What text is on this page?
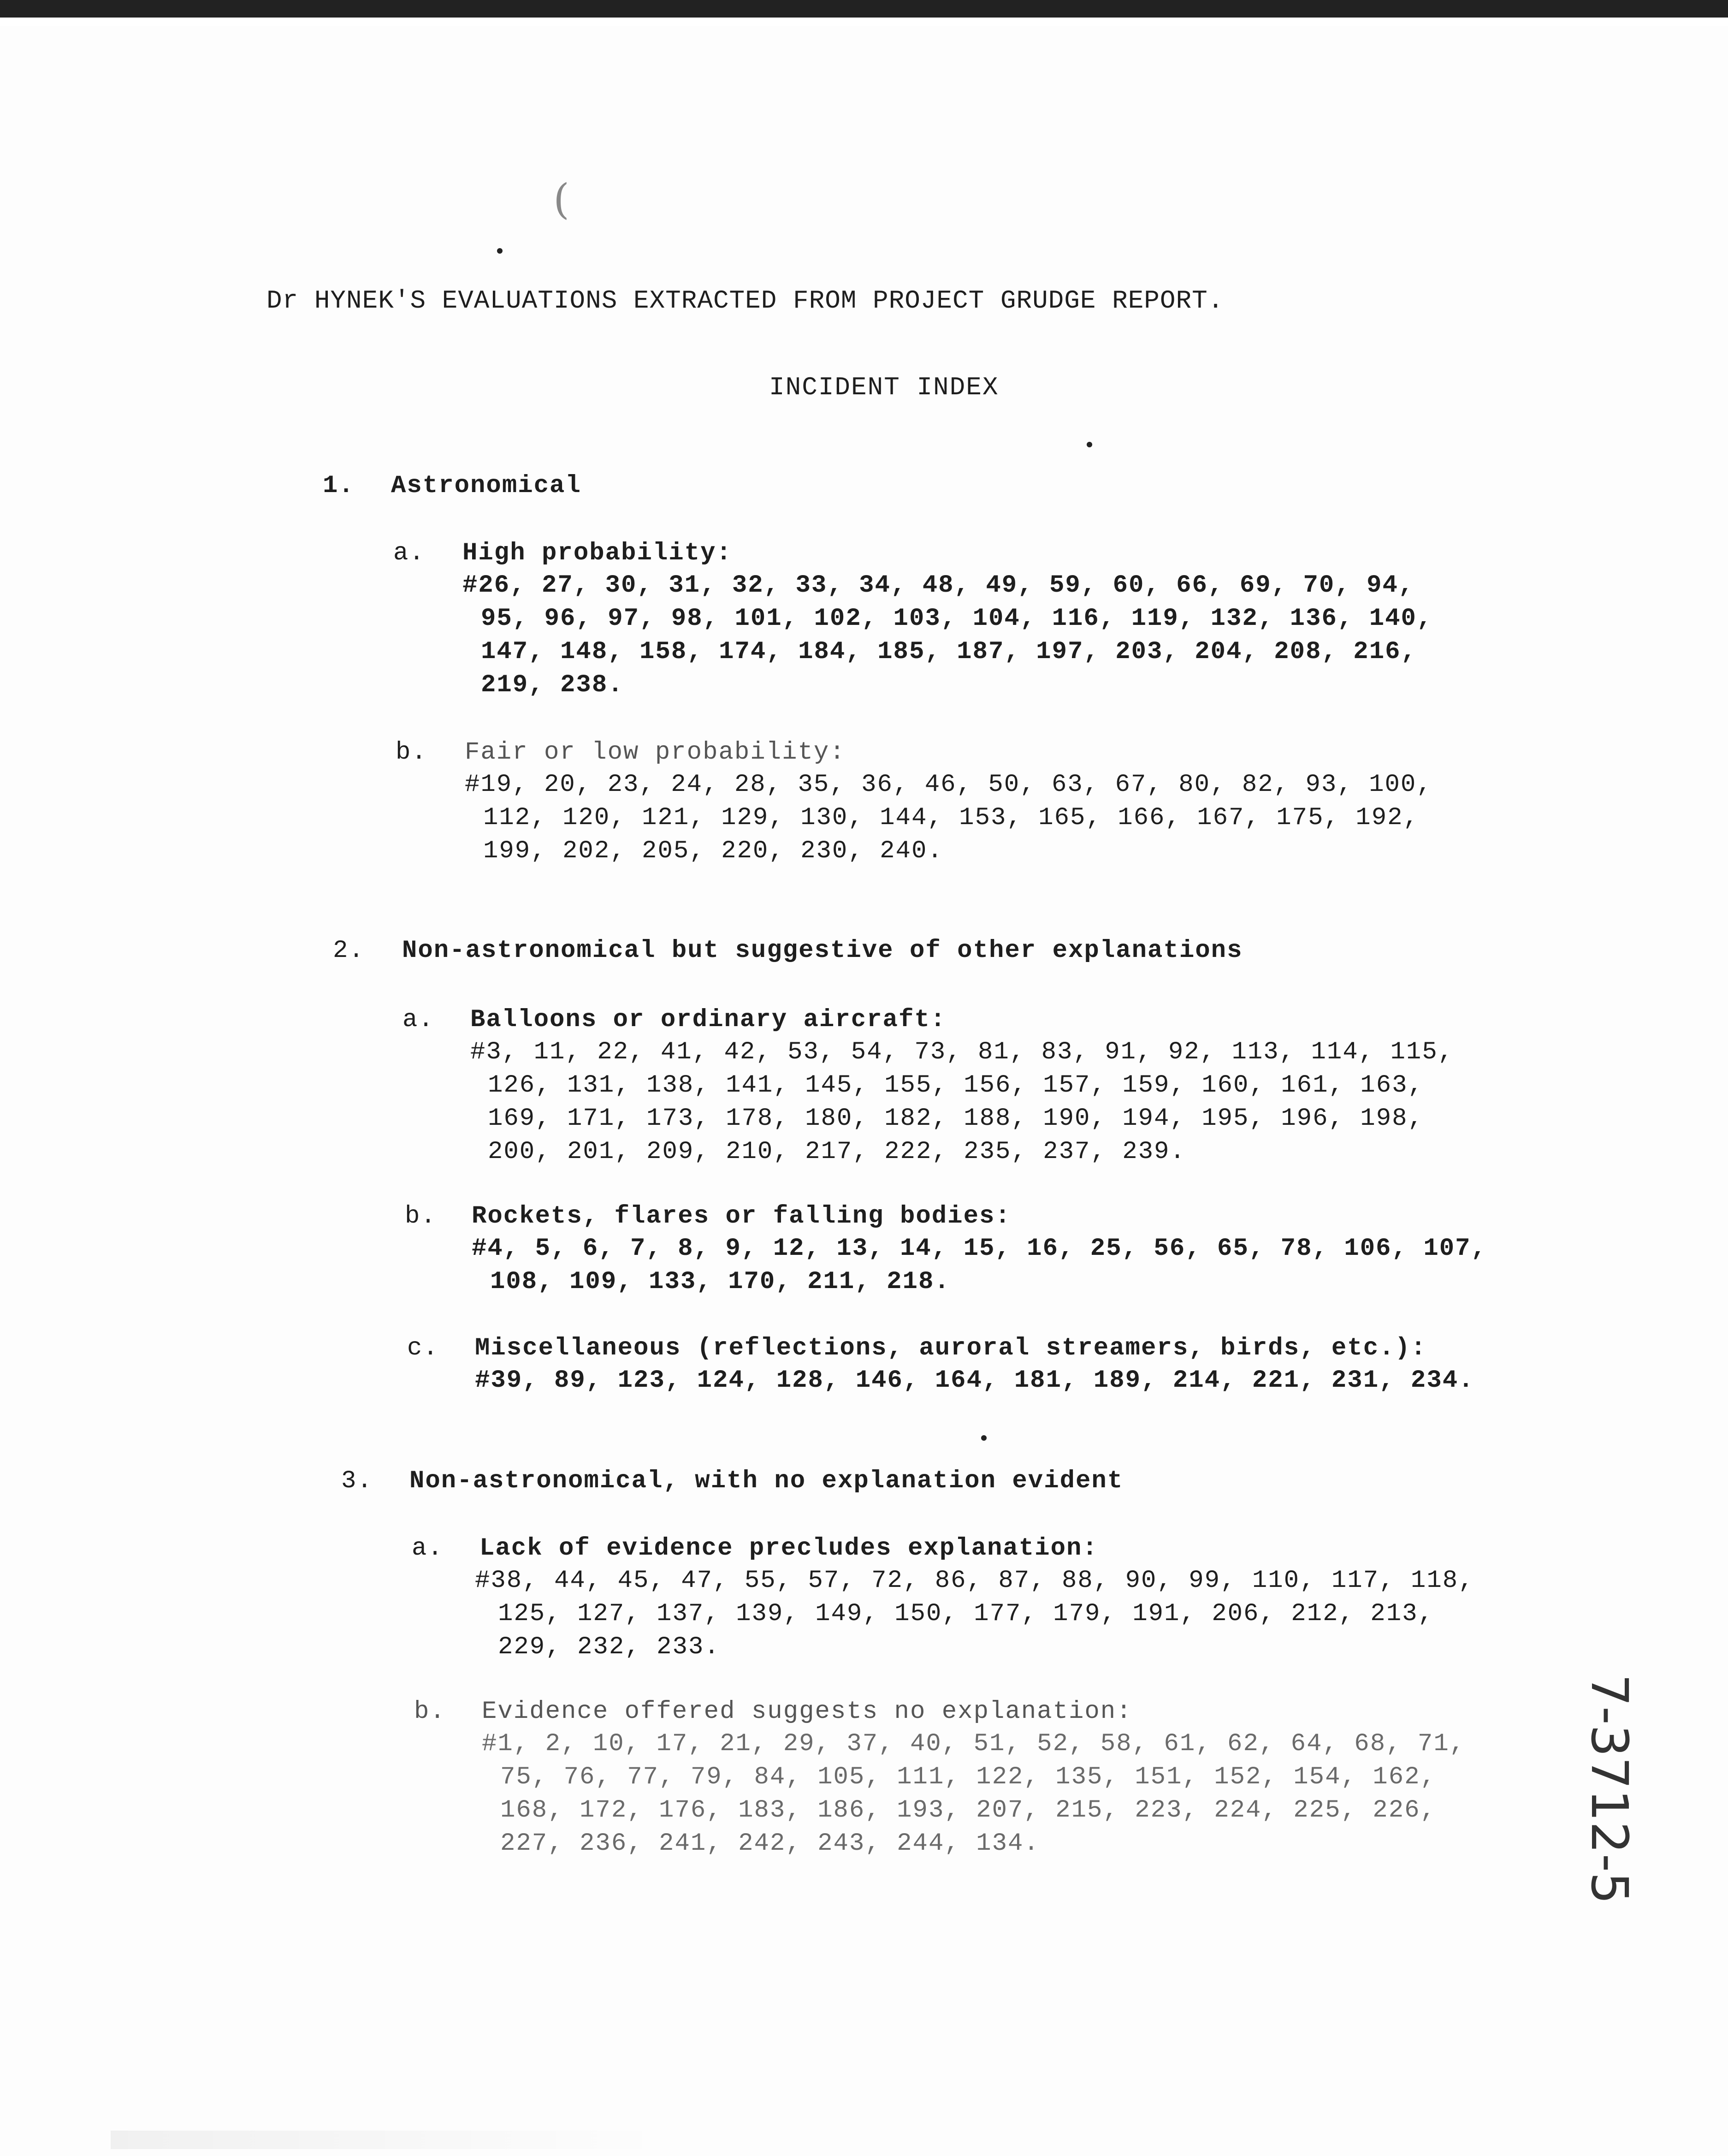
(
Dr HYNEK'S EVALUATIONS EXTRACTED FROM PROJECT GRUDGE REPORT.
INCIDENT INDEX
1. Astronomical
a. High probability:
#26, 27, 30, 31, 32, 33, 34, 48, 49, 59, 60, 66, 69, 70, 94,
95, 96, 97, 98, 101, 102, 103, 104, 116, 119, 132, 136, 140,
147, 148, 158, 174, 184, 185, 187, 197, 203, 204, 208, 216,
219, 238.
b. Fair or low probability:
#19, 20, 23, 24, 28, 35, 36, 46, 50, 63, 67, 80, 82, 93, 100,
112, 120, 121, 129, 130, 144, 153, 165, 166, 167, 175, 192,
199, 202, 205, 220, 230, 240.
2. Non-astronomical but suggestive of other explanations
a. Balloons or ordinary aircraft:
#3, 11, 22, 41, 42, 53, 54, 73, 81, 83, 91, 92, 113, 114, 115,
126, 131, 138, 141, 145, 155, 156, 157, 159, 160, 161, 163,
169, 171, 173, 178, 180, 182, 188, 190, 194, 195, 196, 198,
200, 201, 209, 210, 217, 222, 235, 237, 239.
b. Rockets, flares or falling bodies:
#4, 5, 6, 7, 8, 9, 12, 13, 14, 15, 16, 25, 56, 65, 78, 106, 107,
108, 109, 133, 170, 211, 218.
c. Miscellaneous (reflections, auroral streamers, birds, etc.):
#39, 89, 123, 124, 128, 146, 164, 181, 189, 214, 221, 231, 234.
3. Non-astronomical, with no explanation evident
a. Lack of evidence precludes explanation:
#38, 44, 45, 47, 55, 57, 72, 86, 87, 88, 90, 99, 110, 117, 118,
125, 127, 137, 139, 149, 150, 177, 179, 191, 206, 212, 213,
229, 232, 233.
b. Evidence offered suggests no explanation:
#1, 2, 10, 17, 21, 29, 37, 40, 51, 52, 58, 61, 62, 64, 68, 71,
75, 76, 77, 79, 84, 105, 111, 122, 135, 151, 152, 154, 162,
168, 172, 176, 183, 186, 193, 207, 215, 223, 224, 225, 226,
227, 236, 241, 242, 243, 244, 134.	7-3712-5
